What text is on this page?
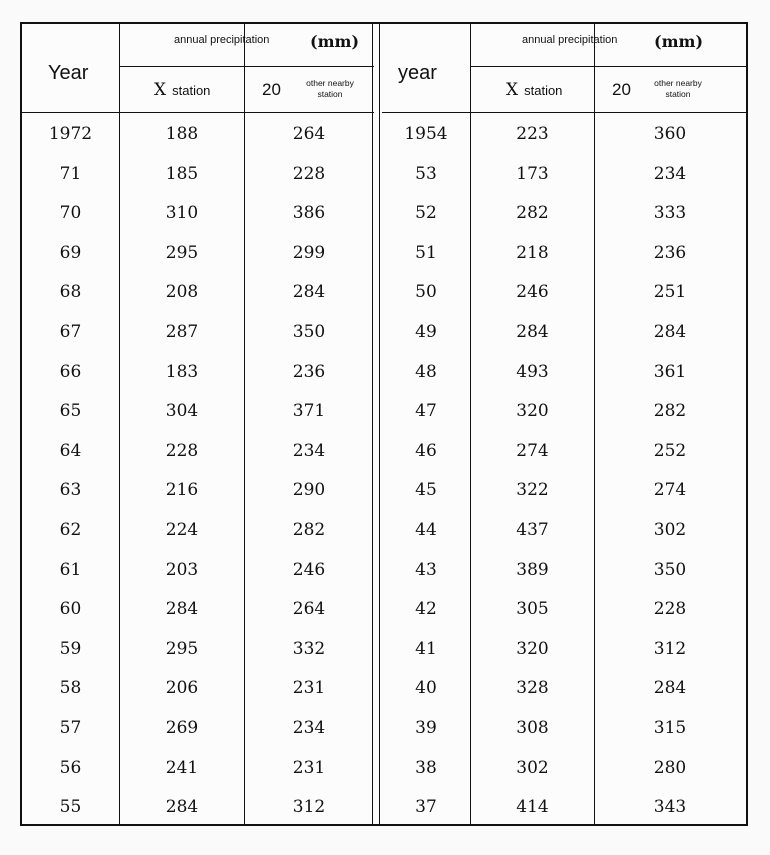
Year
annual precipitation	(mm)
X station	20	other nearby
station
1972	188	264
71	185	228
70	310	386
69	295	299
68	208	284
67	287	350
66	183	236
65	304	371
64	228	234
63	216	290
62	224	282
61	203	246
60	284	264
59	295	332
58	206	231
57	269	234
56	241	231
55	284	312
year
annual precipitation (mm)
X station	20	other nearby
station
1954	223	360
53	173	234
52	282	333
51	218	236
50	246	251
49	284	284
48	493	361
47	320	282
46	274	252
45	322	274
44	437	302
43	389	350
42	305	228
41	320	312
40	328	284
39	308	315
38	302	280
37	414	343
